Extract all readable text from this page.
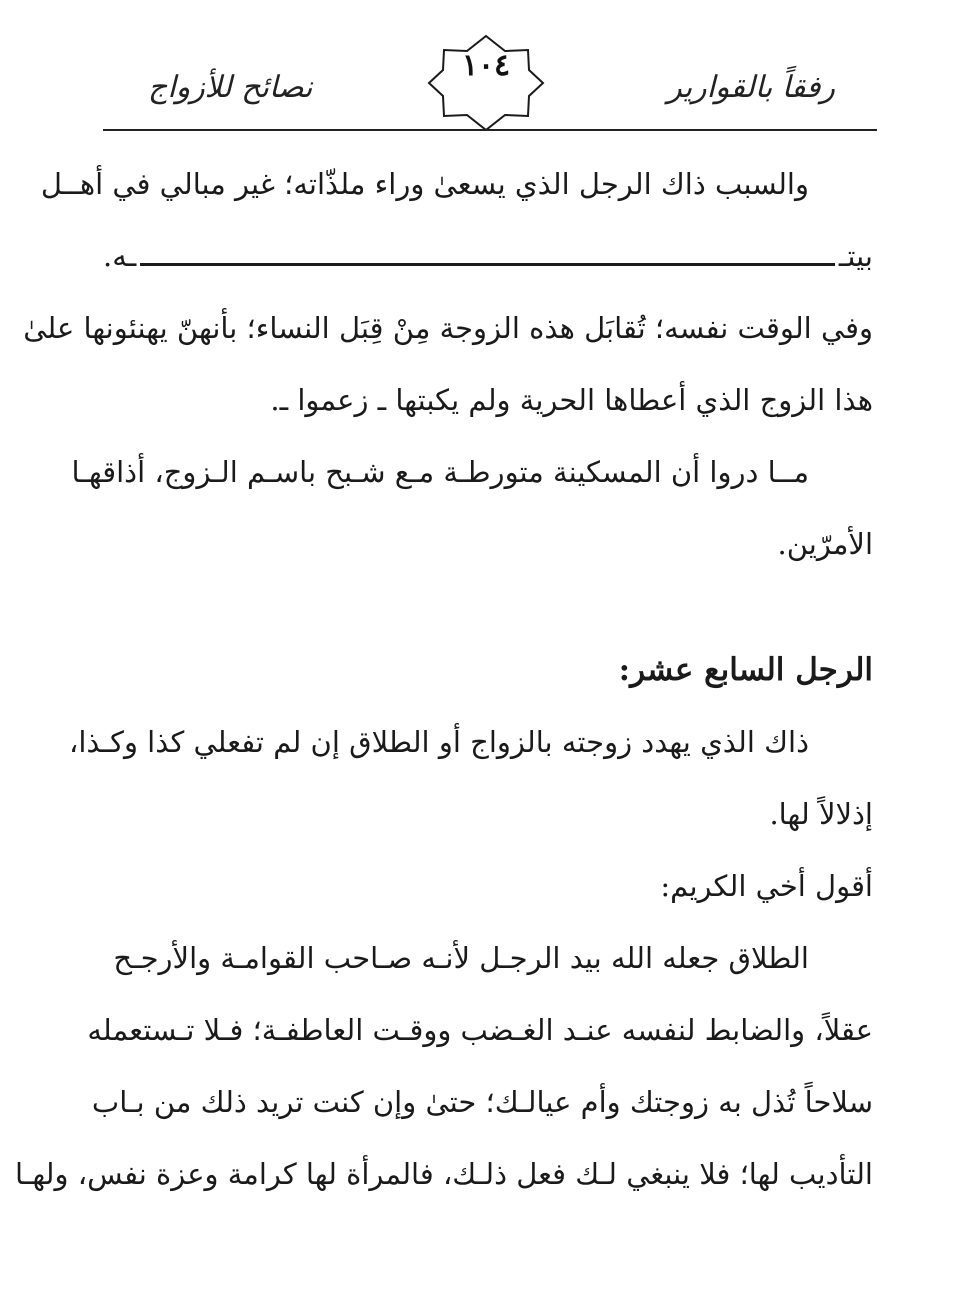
رفقاً بالقوارير
١٠٤
نصائح للأزواج
والسبب ذاك الرجل الذي يسعىٰ وراء ملذّاته؛ غير مبالي في أهــل
بيتـ
ـه.
وفي الوقت نفسه؛ تُقابَل هذه الزوجة مِنْ قِبَل النساء؛ بأنهنّ يهنئونها علىٰ
هذا الزوج الذي أعطاها الحرية ولم يكبتها ـ زعموا ـ.
مــا دروا أن المسكينة متورطـة مـع شـبح باسـم الـزوج، أذاقهـا
الأمرّين.
الرجل السابع عشر:
ذاك الذي يهدد زوجته بالزواج أو الطلاق إن لم تفعلي كذا وكـذا،
إذلالاً لها.
أقول أخي الكريم:
الطلاق جعله الله بيد الرجـل لأنـه صـاحب القوامـة والأرجـح
عقلاً، والضابط لنفسه عنـد الغـضب ووقـت العاطفـة؛ فـلا تـستعمله
سلاحاً تُذل به زوجتك وأم عيالـك؛ حتىٰ وإن كنت تريد ذلك من بـاب
التأديب لها؛ فلا ينبغي لـك فعل ذلـك، فالمرأة لها كرامة وعزة نفس، ولهـا
